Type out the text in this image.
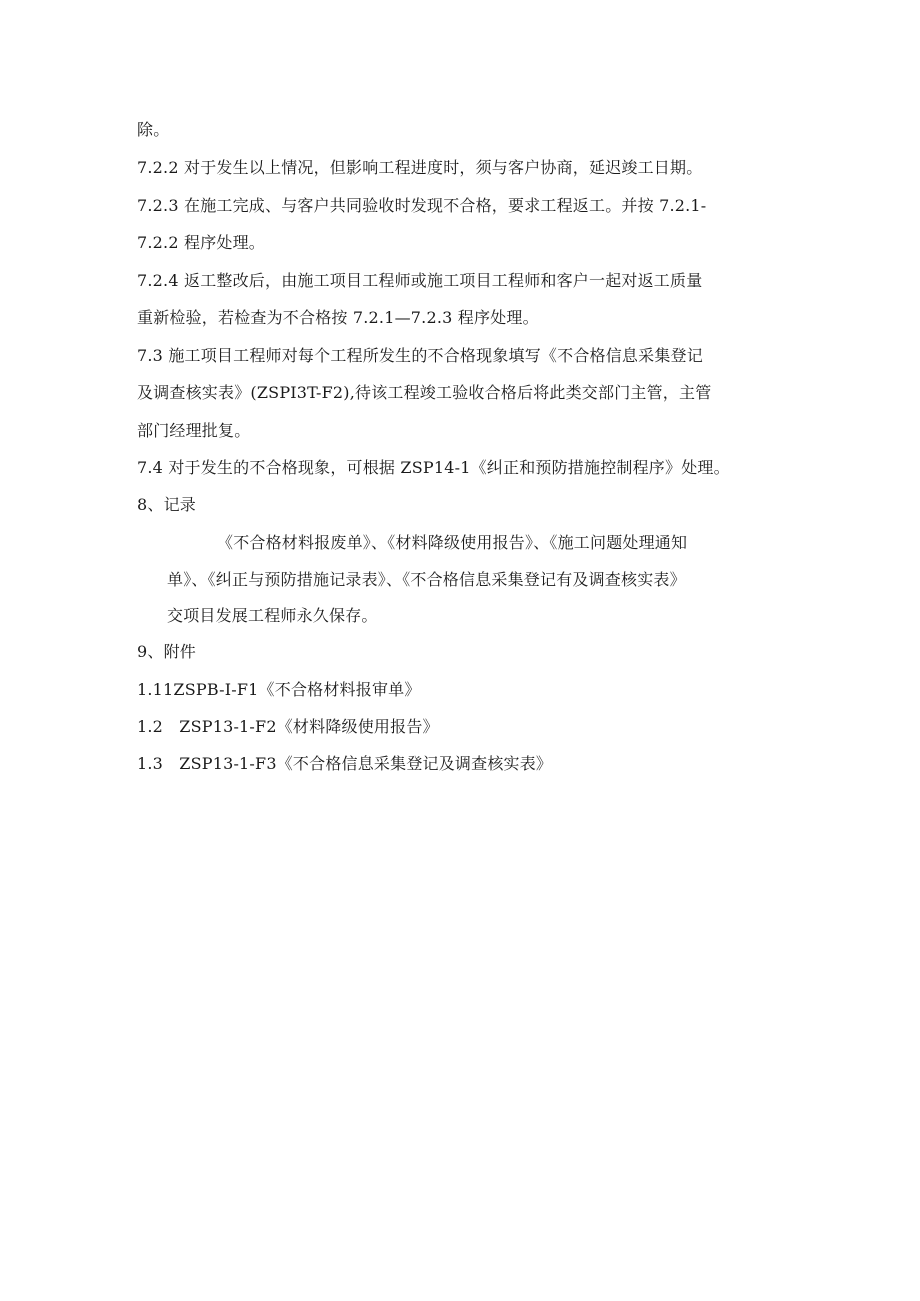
除。
7.2.2 对于发生以上情况，但影响工程进度时，须与客户协商，延迟竣工日期。
7.2.3 在施工完成、与客户共同验收时发现不合格，要求工程返工。并按 7.2.1-
7.2.2 程序处理。
7.2.4 返工整改后，由施工项目工程师或施工项目工程师和客户一起对返工质量
重新检验，若检查为不合格按 7.2.1—7.2.3 程序处理。
7.3 施工项目工程师对每个工程所发生的不合格现象填写《不合格信息采集登记
及调查核实表》(ZSPI3T-F2),待该工程竣工验收合格后将此类交部门主管，主管
部门经理批复。
7.4 对于发生的不合格现象，可根据 ZSP14-1《纠正和预防措施控制程序》处理。
8、记录
《不合格材料报废单》、《材料降级使用报告》、《施工问题处理通知
单》、《纠正与预防措施记录表》、《不合格信息采集登记有及调查核实表》
交项目发展工程师永久保存。
9、附件
1.11ZSPB-I-F1《不合格材料报审单》
1.2　ZSP13-1-F2《材料降级使用报告》
1.3　ZSP13-1-F3《不合格信息采集登记及调查核实表》
